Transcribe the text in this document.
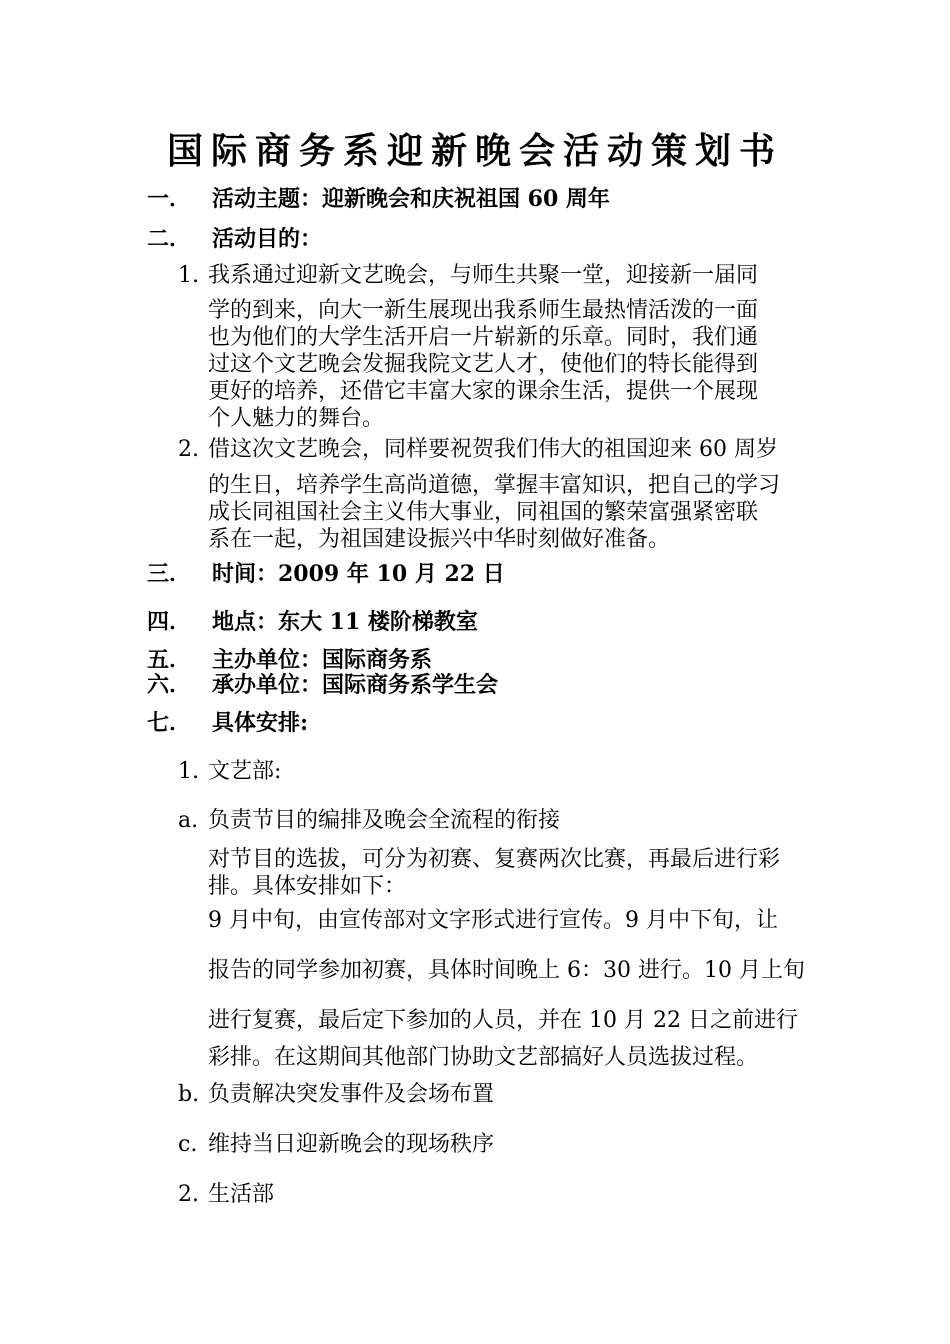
国际商务系迎新晚会活动策划书
一． 活动主题：迎新晚会和庆祝祖国 60 周年
二． 活动目的：
1. 我系通过迎新文艺晚会，与师生共聚一堂，迎接新一届同
学的到来，向大一新生展现出我系师生最热情活泼的一面
也为他们的大学生活开启一片崭新的乐章。同时，我们通
过这个文艺晚会发掘我院文艺人才，使他们的特长能得到
更好的培养，还借它丰富大家的课余生活，提供一个展现
个人魅力的舞台。
2. 借这次文艺晚会，同样要祝贺我们伟大的祖国迎来 60 周岁
的生日，培养学生高尚道德，掌握丰富知识，把自己的学习
成长同祖国社会主义伟大事业，同祖国的繁荣富强紧密联
系在一起，为祖国建设振兴中华时刻做好准备。
三． 时间：2009 年 10 月 22 日
四． 地点：东大 11 楼阶梯教室
五． 主办单位：国际商务系
六． 承办单位：国际商务系学生会
七． 具体安排:
1. 文艺部:
a. 负责节目的编排及晚会全流程的衔接
对节目的选拔，可分为初赛、复赛两次比赛，再最后进行彩
排。具体安排如下：
9 月中旬，由宣传部对文字形式进行宣传。9 月中下旬，让
报告的同学参加初赛，具体时间晚上 6：30 进行。10 月上旬
进行复赛，最后定下参加的人员，并在 10 月 22 日之前进行
彩排。在这期间其他部门协助文艺部搞好人员选拔过程。
b. 负责解决突发事件及会场布置
c. 维持当日迎新晚会的现场秩序
2. 生活部
